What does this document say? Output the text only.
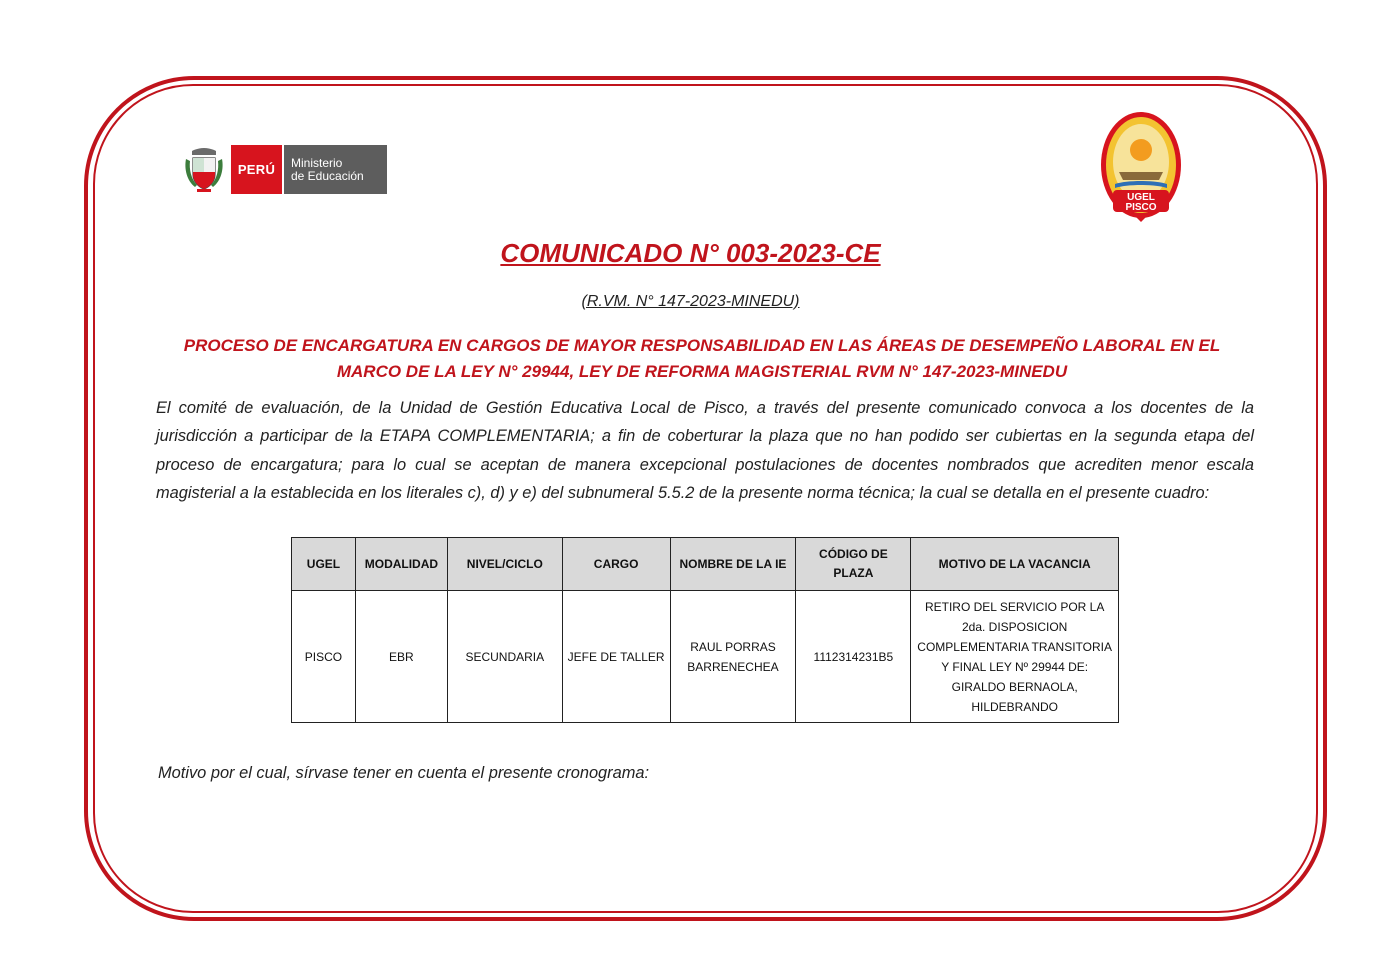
PERÚ	Ministerio
de Educación
UGEL
PISCO
COMUNICADO N° 003-2023-CE
(R.VM. N° 147-2023-MINEDU)
PROCESO DE ENCARGATURA EN CARGOS DE MAYOR RESPONSABILIDAD EN LAS ÁREAS DE DESEMPEÑO LABORAL EN EL MARCO DE LA LEY N° 29944, LEY DE REFORMA MAGISTERIAL RVM N° 147-2023-MINEDU
El comité de evaluación, de la Unidad de Gestión Educativa Local de Pisco, a través del presente comunicado convoca a los docentes de la jurisdicción a participar de la ETAPA COMPLEMENTARIA; a fin de coberturar la plaza que no han podido ser cubiertas en la segunda etapa del proceso de encargatura; para lo cual se aceptan de manera excepcional postulaciones de docentes nombrados que acrediten menor escala magisterial a la establecida en los literales c), d) y e) del subnumeral 5.5.2 de la presente norma técnica; la cual se detalla en el presente cuadro:
UGEL	MODALIDAD	NIVEL/CICLO	CARGO	NOMBRE DE LA IE	CÓDIGO DE PLAZA	MOTIVO DE LA VACANCIA
PISCO	EBR	SECUNDARIA	JEFE DE TALLER	RAUL PORRAS BARRENECHEA	1112314231B5	RETIRO DEL SERVICIO POR LA 2da. DISPOSICION COMPLEMENTARIA TRANSITORIA Y FINAL LEY Nº 29944 DE: GIRALDO BERNAOLA, HILDEBRANDO
Motivo por el cual, sírvase tener en cuenta el presente cronograma:
